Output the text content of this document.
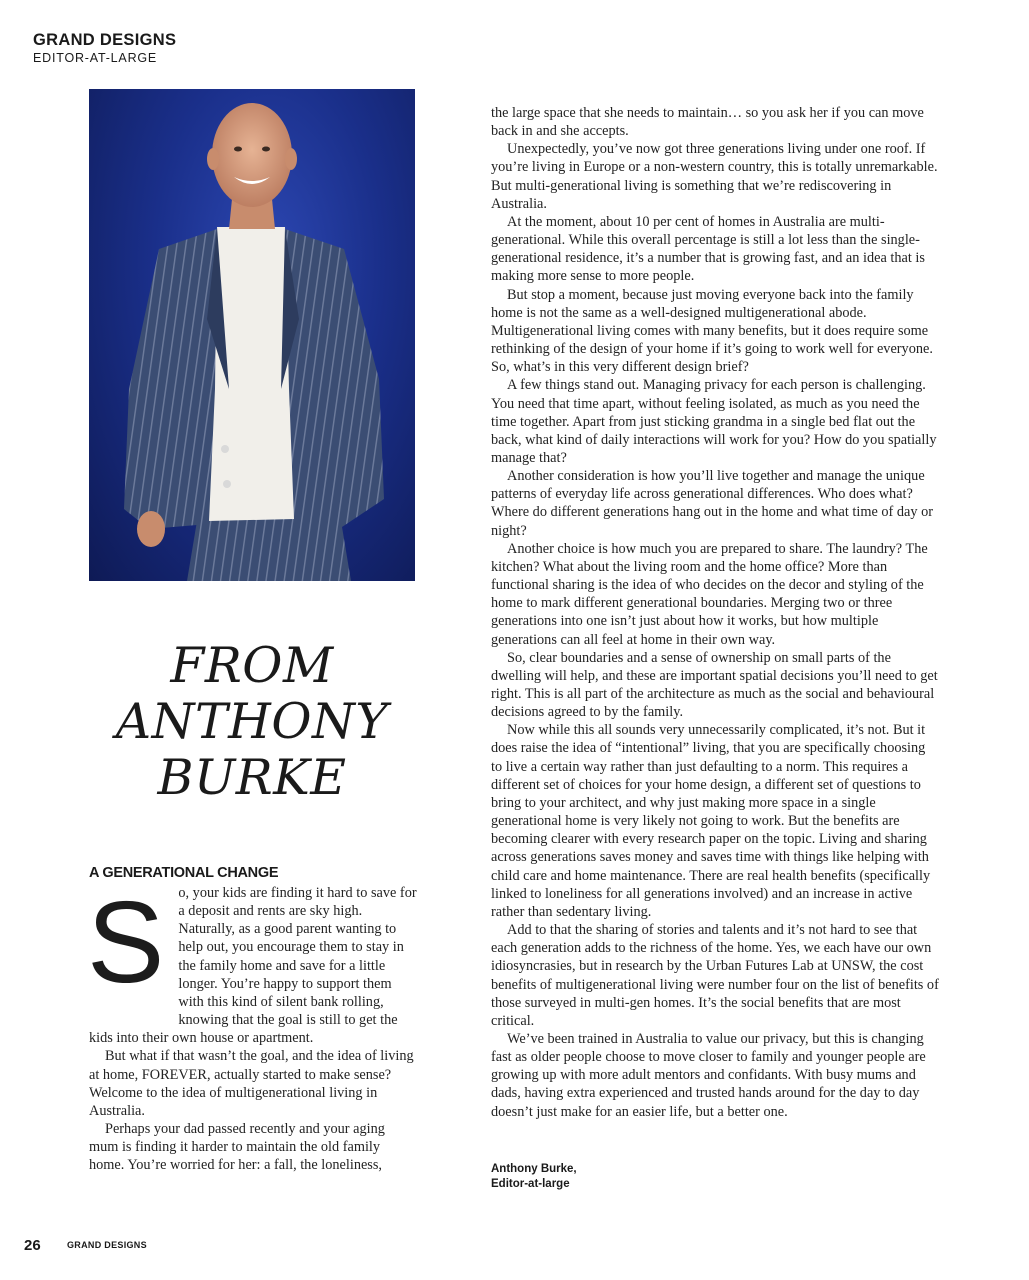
GRAND DESIGNS
EDITOR-AT-LARGE
FROM
ANTHONY
BURKE
A GENERATIONAL CHANGE
S o, your kids are finding it hard to save for a deposit and rents are sky high. Naturally, as a good parent wanting to help out, you encourage them to stay in the family home and save for a little longer. You’re happy to support them with this kind of silent bank rolling, knowing that the goal is still to get the kids into their own house or apartment.

But what if that wasn’t the goal, and the idea of living at home, FOREVER, actually started to make sense? Welcome to the idea of multigenerational living in Australia.

Perhaps your dad passed recently and your aging mum is finding it harder to maintain the old family home. You’re worried for her: a fall, the loneliness,

the large space that she needs to maintain… so you ask her if you can move back in and she accepts.

Unexpectedly, you’ve now got three generations living under one roof. If you’re living in Europe or a non-western country, this is totally unremarkable. But multi-generational living is something that we’re rediscovering in Australia.

At the moment, about 10 per cent of homes in Australia are multi-generational. While this overall percentage is still a lot less than the single-generational residence, it’s a number that is growing fast, and an idea that is making more sense to more people.

But stop a moment, because just moving everyone back into the family home is not the same as a well-designed multigenerational abode. Multigenerational living comes with many benefits, but it does require some rethinking of the design of your home if it’s going to work well for everyone. So, what’s in this very different design brief?

A few things stand out. Managing privacy for each person is challenging. You need that time apart, without feeling isolated, as much as you need the time together. Apart from just sticking grandma in a single bed flat out the back, what kind of daily interactions will work for you? How do you spatially manage that?

Another consideration is how you’ll live together and manage the unique patterns of everyday life across generational differences. Who does what? Where do different generations hang out in the home and what time of day or night?

Another choice is how much you are prepared to share. The laundry? The kitchen? What about the living room and the home office? More than functional sharing is the idea of who decides on the decor and styling of the home to mark different generational boundaries. Merging two or three generations into one isn’t just about how it works, but how multiple generations can all feel at home in their own way.

So, clear boundaries and a sense of ownership on small parts of the dwelling will help, and these are important spatial decisions you’ll need to get right. This is all part of the architecture as much as the social and behavioural decisions agreed to by the family.

Now while this all sounds very unnecessarily complicated, it’s not. But it does raise the idea of “intentional” living, that you are specifically choosing to live a certain way rather than just defaulting to a norm. This requires a different set of choices for your home design, a different set of questions to bring to your architect, and why just making more space in a single generational home is very likely not going to work. But the benefits are becoming clearer with every research paper on the topic. Living and sharing across generations saves money and saves time with things like helping with child care and home maintenance. There are real health benefits (specifically linked to loneliness for all generations involved) and an increase in active rather than sedentary living.

Add to that the sharing of stories and talents and it’s not hard to see that each generation adds to the richness of the home. Yes, we each have our own idiosyncrasies, but in research by the Urban Futures Lab at UNSW, the cost benefits of multigenerational living were number four on the list of benefits of those surveyed in multi-gen homes. It’s the social benefits that are most critical.

We’ve been trained in Australia to value our privacy, but this is changing fast as older people choose to move closer to family and younger people are growing up with more adult mentors and confidants. With busy mums and dads, having extra experienced and trusted hands around for the day to day doesn’t just make for an easier life, but a better one.

Anthony Burke,
Editor-at-large
26	GRAND DESIGNS
